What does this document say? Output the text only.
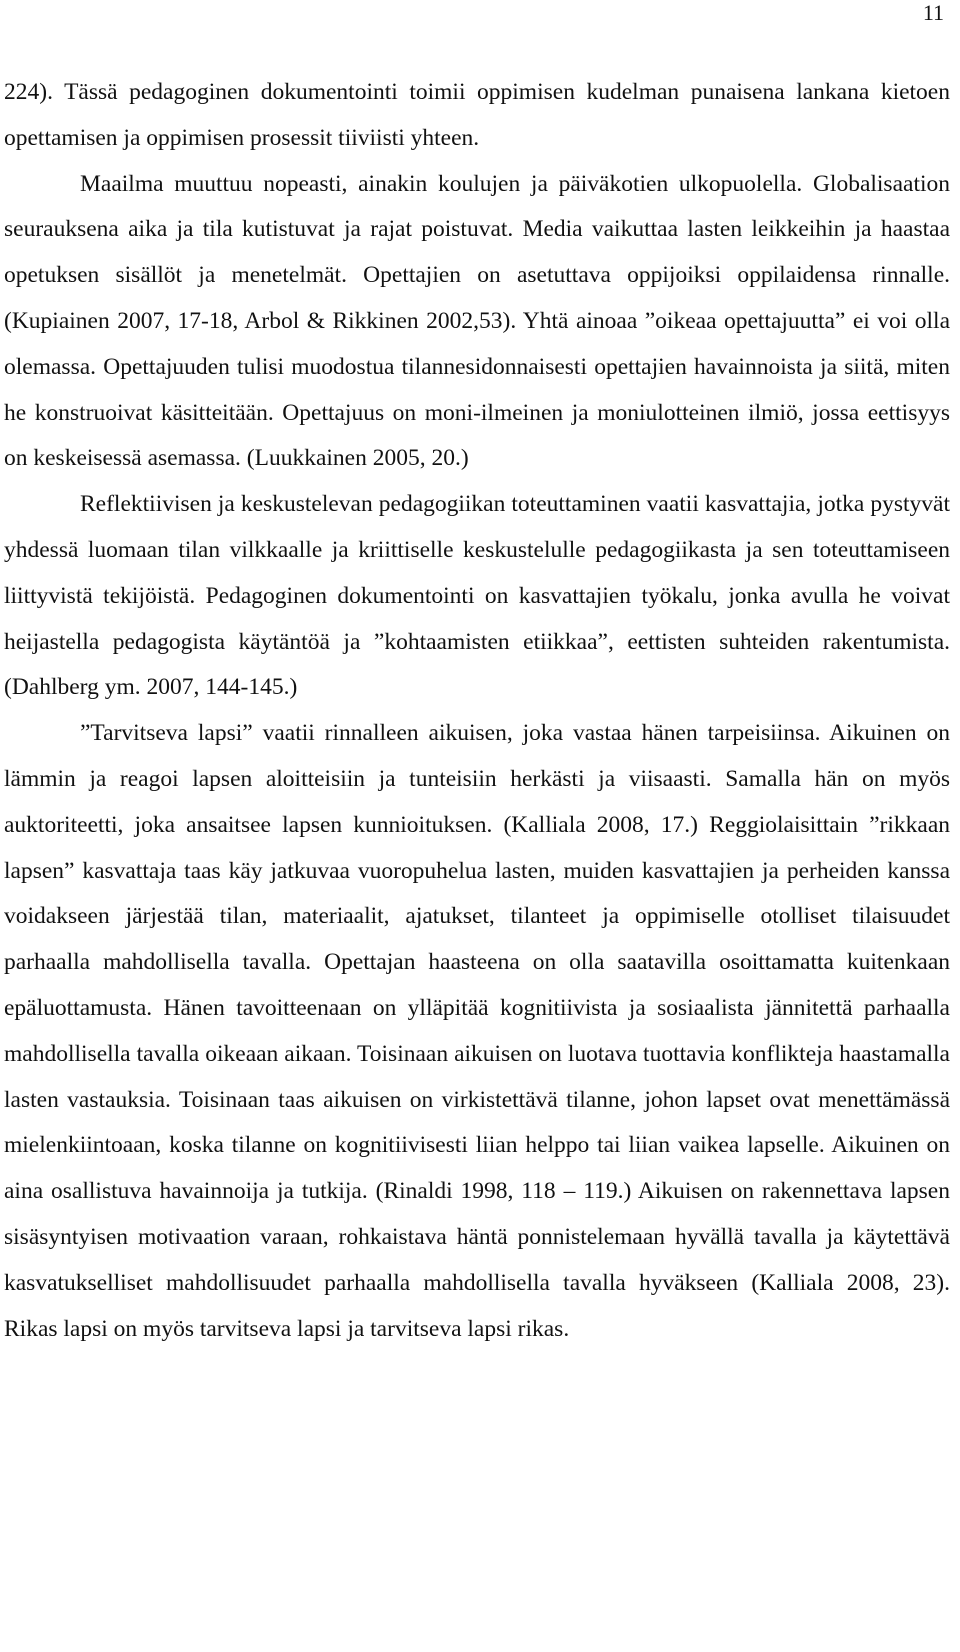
11

224). Tässä pedagoginen dokumentointi toimii oppimisen kudelman punaisena lankana kietoen opettamisen ja oppimisen prosessit tiiviisti yhteen.

Maailma muuttuu nopeasti, ainakin koulujen ja päiväkotien ulkopuolella. Globalisaation seurauksena aika ja tila kutistuvat ja rajat poistuvat. Media vaikuttaa lasten leikkeihin ja haastaa opetuksen sisällöt ja menetelmät. Opettajien on asetuttava oppijoiksi oppilaidensa rinnalle. (Kupiainen 2007, 17-18, Arbol & Rikkinen 2002,53). Yhtä ainoaa ”oikeaa opettajuutta” ei voi olla olemassa. Opettajuuden tulisi muodostua tilannesidonnaisesti opettajien havainnoista ja siitä, miten he konstruoivat käsitteitään. Opettajuus on moni-ilmeinen ja moniulotteinen ilmiö, jossa eettisyys on keskeisessä asemassa. (Luukkainen 2005, 20.)

Reflektiivisen ja keskustelevan pedagogiikan toteuttaminen vaatii kasvattajia, jotka pystyvät yhdessä luomaan tilan vilkkaalle ja kriittiselle keskustelulle pedagogiikasta ja sen toteuttamiseen liittyvistä tekijöistä. Pedagoginen dokumentointi on kasvattajien työkalu, jonka avulla he voivat heijastella pedagogista käytäntöä ja ”kohtaamisten etiikkaa”, eettisten suhteiden rakentumista. (Dahlberg ym. 2007, 144-145.)

”Tarvitseva lapsi” vaatii rinnalleen aikuisen, joka vastaa hänen tarpeisiinsa. Aikuinen on lämmin ja reagoi lapsen aloitteisiin ja tunteisiin herkästi ja viisaasti. Samalla hän on myös auktoriteetti, joka ansaitsee lapsen kunnioituksen. (Kalliala 2008, 17.) Reggiolaisittain ”rikkaan lapsen” kasvattaja taas käy jatkuvaa vuoropuhelua lasten, muiden kasvattajien ja perheiden kanssa voidakseen järjestää tilan, materiaalit, ajatukset, tilanteet ja oppimiselle otolliset tilaisuudet parhaalla mahdollisella tavalla. Opettajan haasteena on olla saatavilla osoittamatta kuitenkaan epäluottamusta. Hänen tavoitteenaan on ylläpitää kognitiivista ja sosiaalista jännitettä parhaalla mahdollisella tavalla oikeaan aikaan. Toisinaan aikuisen on luotava tuottavia konflikteja haastamalla lasten vastauksia. Toisinaan taas aikuisen on virkistettävä tilanne, johon lapset ovat menettämässä mielenkiintoaan, koska tilanne on kognitiivisesti liian helppo tai liian vaikea lapselle. Aikuinen on aina osallistuva havainnoija ja tutkija. (Rinaldi 1998, 118 – 119.) Aikuisen on rakennettava lapsen sisäsyntyisen motivaation varaan, rohkaistava häntä ponnistelemaan hyvällä tavalla ja käytettävä kasvatukselliset mahdollisuudet parhaalla mahdollisella tavalla hyväkseen (Kalliala 2008, 23). Rikas lapsi on myös tarvitseva lapsi ja tarvitseva lapsi rikas.
